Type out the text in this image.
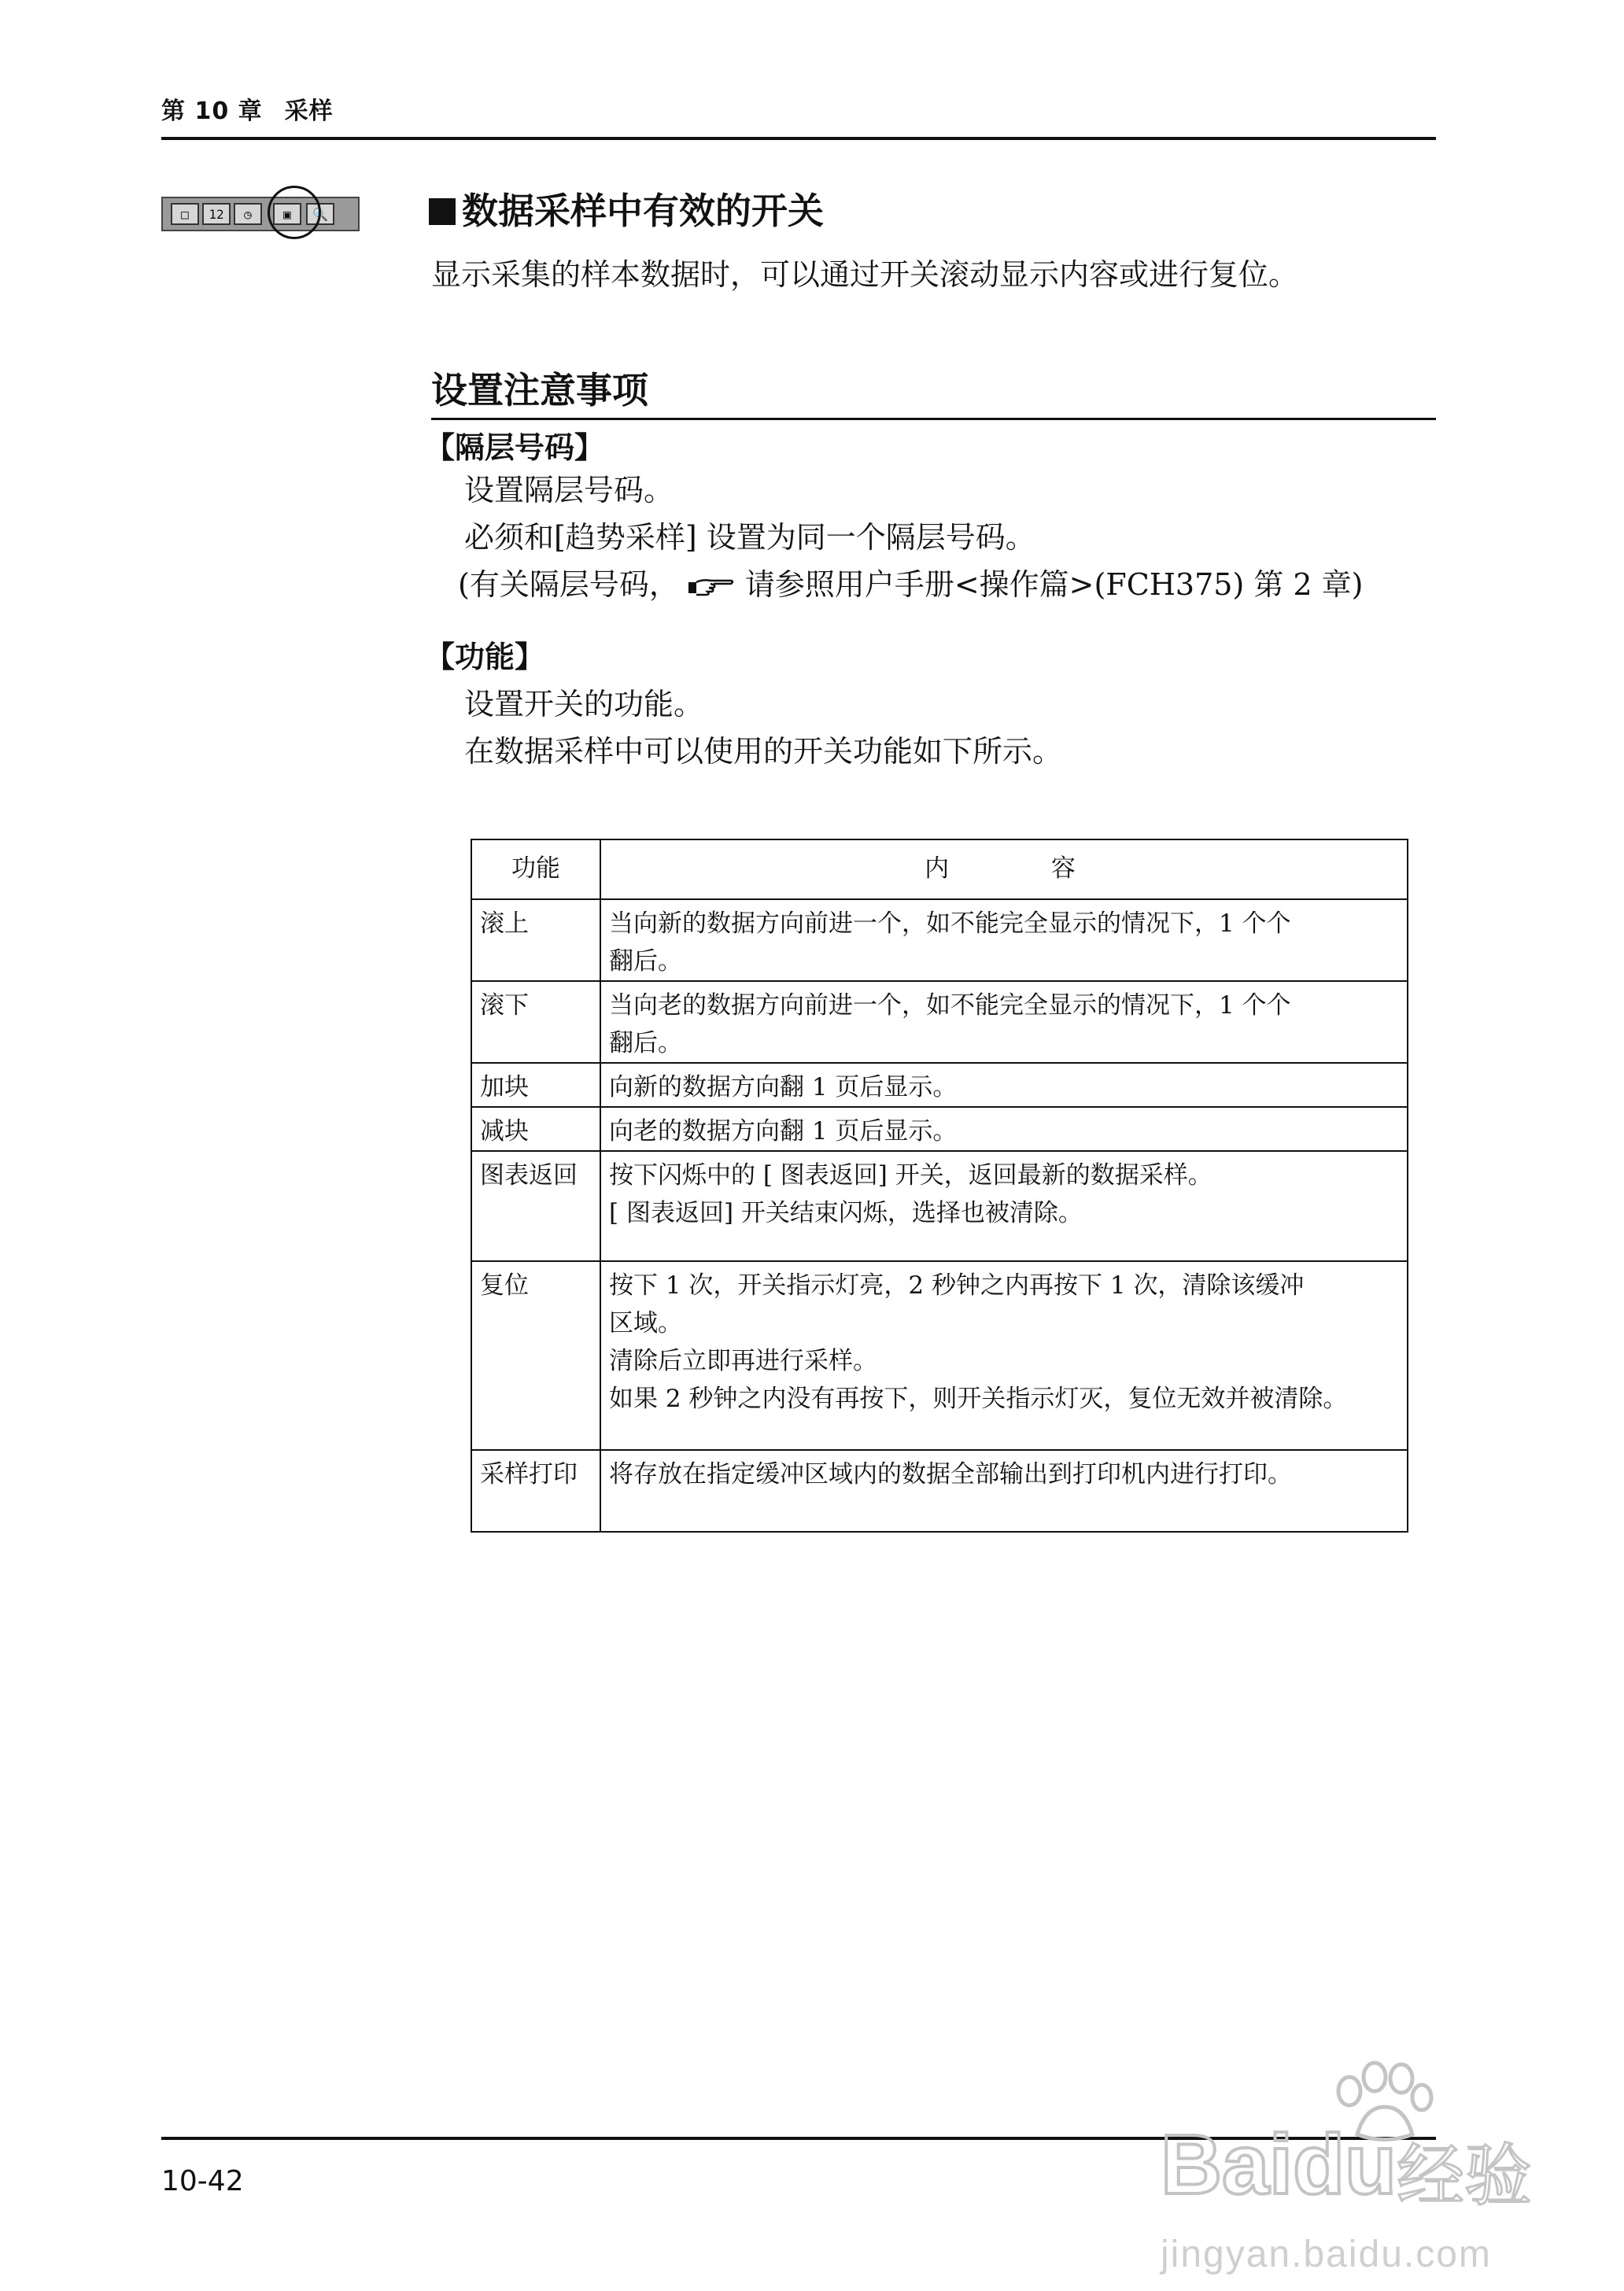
第 10 章 采样
□	12	◷	▣	🔍	数据采样中有效的开关
显示采集的样本数据时，可以通过开关滚动显示内容或进行复位。
设置注意事项
【隔层号码】
设置隔层号码。
必须和[趋势采样] 设置为同一个隔层号码。
(有关隔层号码， 请参照用户手册<操作篇>(FCH375) 第 2 章)
【功能】
设置开关的功能。
在数据采样中可以使用的开关功能如下所示。
功能	内 容
滚上	当向新的数据方向前进一个，如不能完全显示的情况下，1 个个
翻后。

滚下	当向老的数据方向前进一个，如不能完全显示的情况下，1 个个
翻后。

加块	向新的数据方向翻 1 页后显示。

减块	向老的数据方向翻 1 页后显示。

图表返回	按下闪烁中的 [ 图表返回] 开关，返回最新的数据采样。
[ 图表返回] 开关结束闪烁，选择也被清除。

复位	按下 1 次，开关指示灯亮，2 秒钟之内再按下 1 次，清除该缓冲
区域。
清除后立即再进行采样。
如果 2 秒钟之内没有再按下，则开关指示灯灭，复位无效并被清除。

采样打印	将存放在指定缓冲区域内的数据全部输出到打印机内进行打印。
10-42	Baidu 经验
jingyan.baidu.com
